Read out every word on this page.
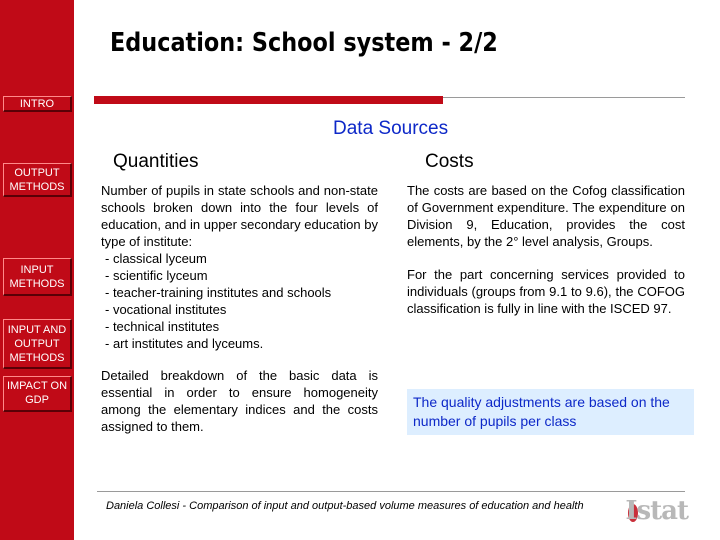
INTRO
OUTPUT METHODS
INPUT METHODS
INPUT AND OUTPUT METHODS
IMPACT ON GDP
Education: School system - 2/2
Data Sources
Quantities	Costs
Number of pupils in state schools and non-state schools broken down into the four levels of education, and in upper secondary education by type of institute:
- classical lyceum
- scientific lyceum
- teacher-training institutes and schools
- vocational institutes
- technical institutes
- art institutes and lyceums.
Detailed breakdown of the basic data is essential in order to ensure homogeneity among the elementary indices and the costs assigned to them.
The costs are based on the Cofog classification of Government expenditure. The expenditure on Division 9, Education, provides the cost elements, by the 2° level analysis, Groups.
For the part concerning services provided to individuals (groups from 9.1 to 9.6), the COFOG classification is fully in line with the ISCED 97.
The quality adjustments are based on the number of pupils per class
Daniela Collesi - Comparison of input and output-based volume measures of education and health Istat
